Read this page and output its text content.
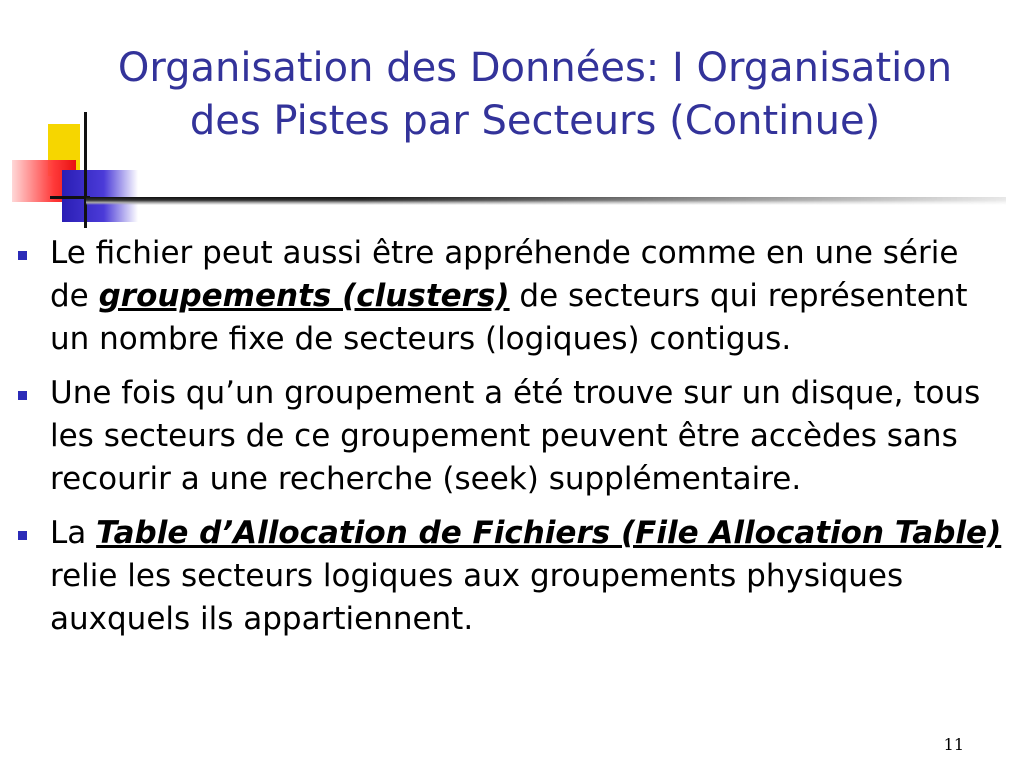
Organisation des Données: I Organisation
des Pistes par Secteurs (Continue)
Le fichier peut aussi être appréhende comme en une série de groupements (clusters) de secteurs qui représentent un nombre fixe de secteurs (logiques) contigus.
Une fois qu’un groupement a été trouve sur un disque, tous les secteurs de ce groupement peuvent être accèdes sans recourir a une recherche (seek) supplémentaire.
La Table d’Allocation de Fichiers (File Allocation Table) relie les secteurs logiques aux groupements physiques auxquels ils appartiennent.
11
